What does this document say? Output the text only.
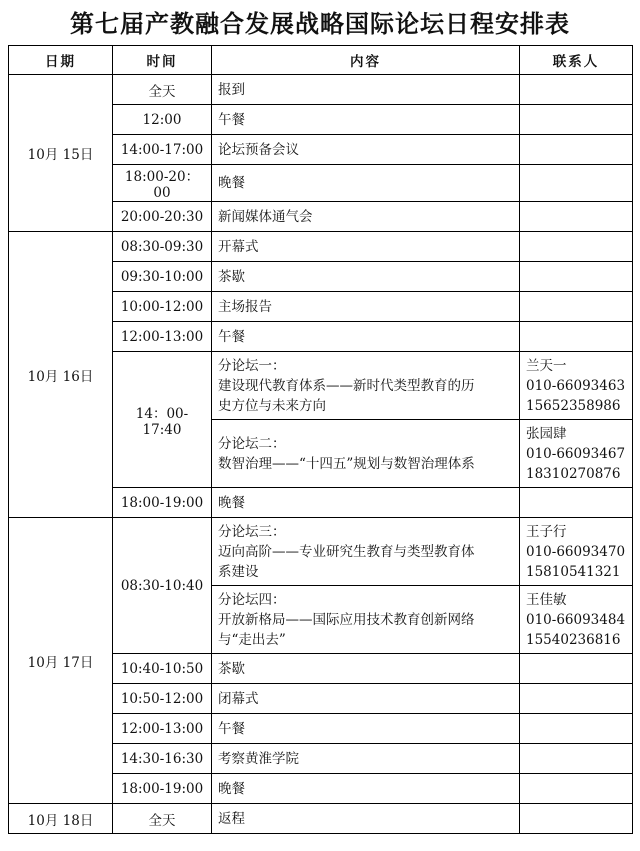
第七届产教融合发展战略国际论坛日程安排表
日期	时间	内容	联系人
10月 15日	全天	报到	

	12:00	午餐	

	14:00-17:00	论坛预备会议	

	18:00-20：00	晚餐	

	20:00-20:30	新闻媒体通气会	

10月 16日	08:30-09:30	开幕式	

	09:30-10:00	茶歇	

	10:00-12:00	主场报告	

	12:00-13:00	午餐	

	14：00-17:40	分论坛一：
建设现代教育体系——新时代类型教育的历
史方位与未来方向	兰天一
010-66093463
15652358986

		分论坛二：
数智治理——“十四五”规划与数智治理体系	张园肆
010-66093467
18310270876

	18:00-19:00	晚餐	

10月 17日	08:30-10:40	分论坛三：
迈向高阶——专业研究生教育与类型教育体
系建设	王子行
010-66093470
15810541321

		分论坛四：
开放新格局——国际应用技术教育创新网络
与“走出去”	王佳敏
010-66093484
15540236816

	10:40-10:50	茶歇	

	10:50-12:00	闭幕式	

	12:00-13:00	午餐	

	14:30-16:30	考察黄淮学院	

	18:00-19:00	晚餐	

10月 18日	全天	返程	
